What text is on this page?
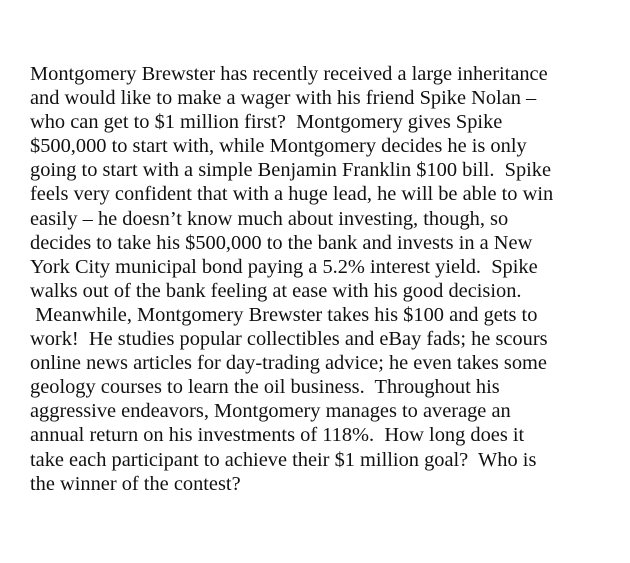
Montgomery Brewster has recently received a large inheritance
and would like to make a wager with his friend Spike Nolan –
who can get to $1 million first?  Montgomery gives Spike
$500,000 to start with, while Montgomery decides he is only
going to start with a simple Benjamin Franklin $100 bill.  Spike
feels very confident that with a huge lead, he will be able to win
easily – he doesn’t know much about investing, though, so
decides to take his $500,000 to the bank and invests in a New
York City municipal bond paying a 5.2% interest yield.  Spike
walks out of the bank feeling at ease with his good decision.
Meanwhile, Montgomery Brewster takes his $100 and gets to
work!  He studies popular collectibles and eBay fads; he scours
online news articles for day-trading advice; he even takes some
geology courses to learn the oil business.  Throughout his
aggressive endeavors, Montgomery manages to average an
annual return on his investments of 118%.  How long does it
take each participant to achieve their $1 million goal?  Who is
the winner of the contest?
